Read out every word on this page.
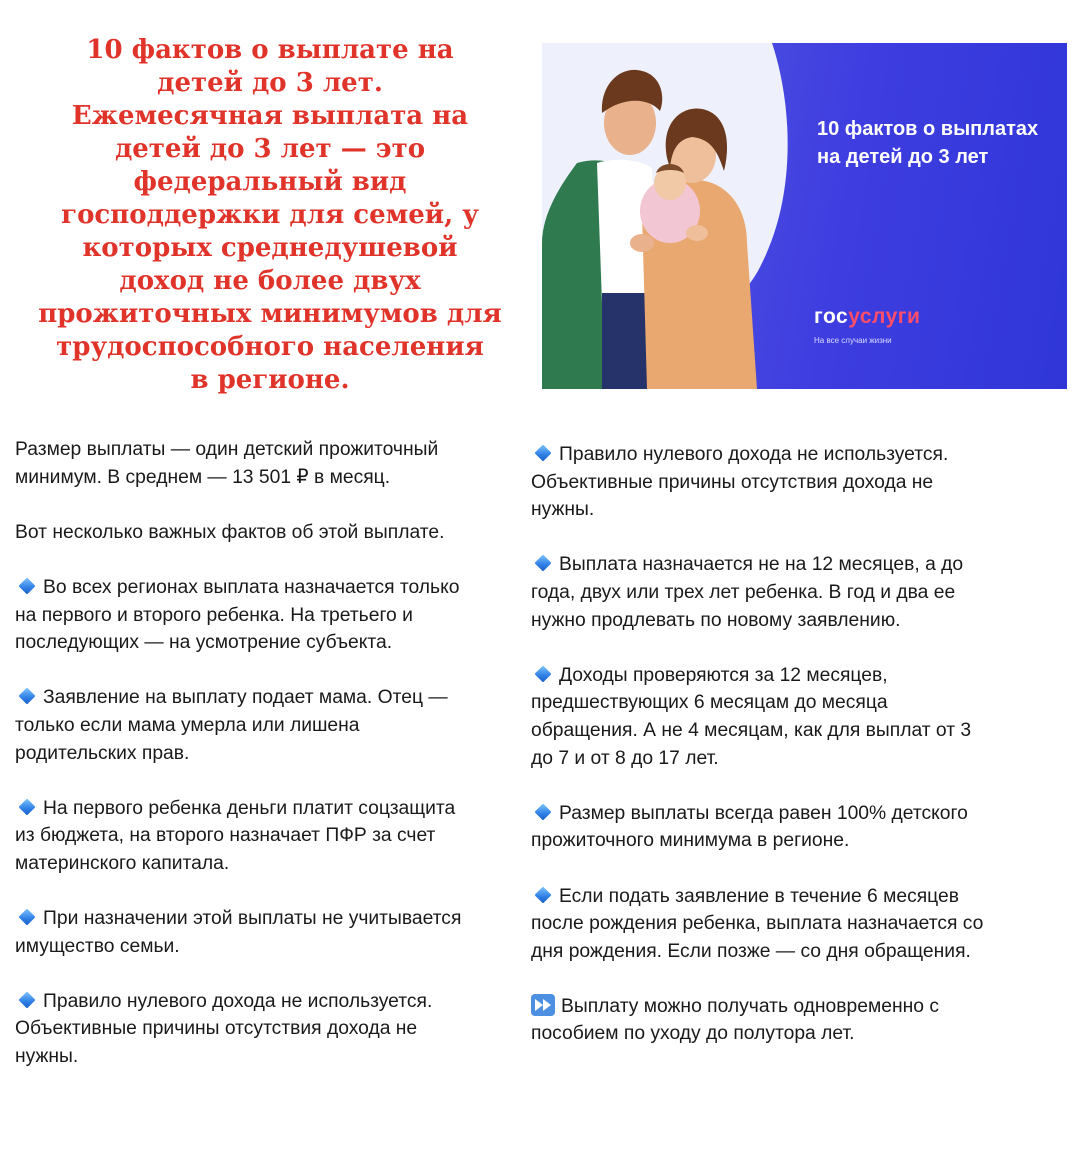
10 фактов о выплате на
детей до 3 лет.
Ежемесячная выплата на
детей до 3 лет — это
федеральный вид
господдержки для семей, у
которых среднедушевой
доход не более двух
прожиточных минимумов для
трудоспособного населения
в регионе.
10 фактов о выплатах
на детей до 3 лет
госуслуги
На все случаи жизни
Размер выплаты — один детский прожиточный
минимум. В среднем — 13 501 ₽ в месяц.
Вот несколько важных фактов об этой выплате.
Во всех регионах выплата назначается только
на первого и второго ребенка. На третьего и
последующих — на усмотрение субъекта.
Заявление на выплату подает мама. Отец —
только если мама умерла или лишена
родительских прав.
На первого ребенка деньги платит соцзащита
из бюджета, на второго назначает ПФР за счет
материнского капитала.
При назначении этой выплаты не учитывается
имущество семьи.
Правило нулевого дохода не используется.
Объективные причины отсутствия дохода не
нужны.
Правило нулевого дохода не используется.
Объективные причины отсутствия дохода не
нужны.
Выплата назначается не на 12 месяцев, а до
года, двух или трех лет ребенка. В год и два ее
нужно продлевать по новому заявлению.
Доходы проверяются за 12 месяцев,
предшествующих 6 месяцам до месяца
обращения. А не 4 месяцам, как для выплат от 3
до 7 и от 8 до 17 лет.
Размер выплаты всегда равен 100% детского
прожиточного минимума в регионе.
Если подать заявление в течение 6 месяцев
после рождения ребенка, выплата назначается со
дня рождения. Если позже — со дня обращения.
Выплату можно получать одновременно с
пособием по уходу до полутора лет.
